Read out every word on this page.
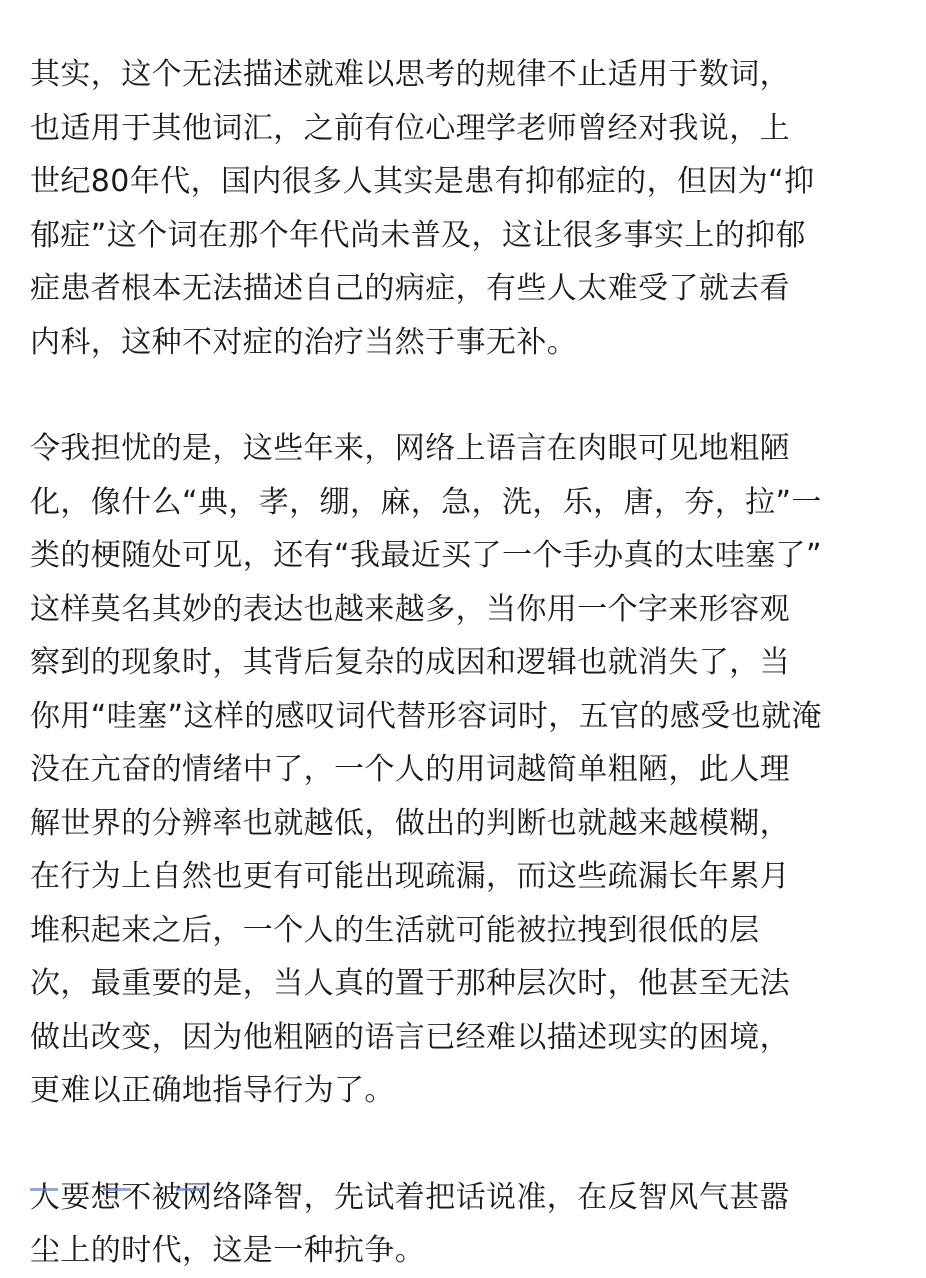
其实，这个无法描述就难以思考的规律不止适用于数词，
也适用于其他词汇，之前有位心理学老师曾经对我说，上
世纪80年代，国内很多人其实是患有抑郁症的，但因为“抑
郁症”这个词在那个年代尚未普及，这让很多事实上的抑郁
症患者根本无法描述自己的病症，有些人太难受了就去看
内科，这种不对症的治疗当然于事无补。
令我担忧的是，这些年来，网络上语言在肉眼可见地粗陋
化，像什么“典，孝，绷，麻，急，洗，乐，唐，夯，拉”一
类的梗随处可见，还有“我最近买了一个手办真的太哇塞了”
这样莫名其妙的表达也越来越多，当你用一个字来形容观
察到的现象时，其背后复杂的成因和逻辑也就消失了，当
你用“哇塞”这样的感叹词代替形容词时，五官的感受也就淹
没在亢奋的情绪中了，一个人的用词越简单粗陋，此人理
解世界的分辨率也就越低，做出的判断也就越来越模糊，
在行为上自然也更有可能出现疏漏，而这些疏漏长年累月
堆积起来之后，一个人的生活就可能被拉拽到很低的层
次，最重要的是，当人真的置于那种层次时，他甚至无法
做出改变，因为他粗陋的语言已经难以描述现实的困境，
更难以正确地指导行为了。
人要想不被网络降智，先试着把话说准，在反智风气甚嚣
尘上的时代，这是一种抗争。
